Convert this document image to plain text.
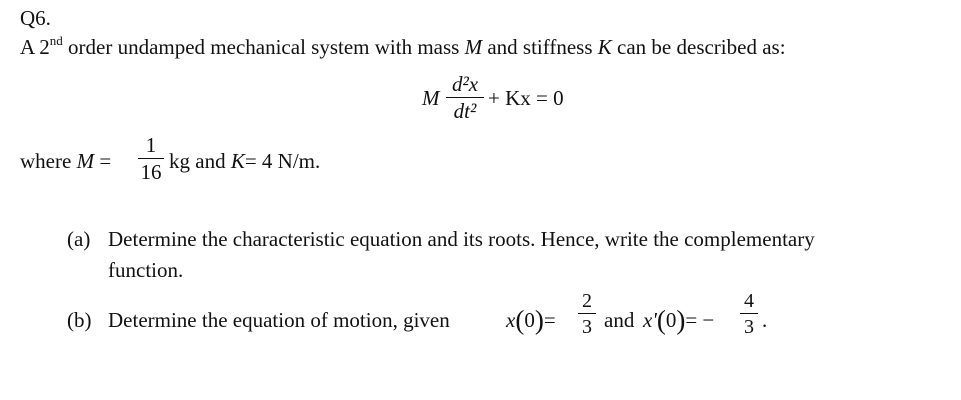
Q6.
A 2nd order undamped mechanical system with mass M and stiffness K can be described as:
M
d²x
dt²
+ Kx = 0
where M =
1
16 kg and K= 4 N/m.
(a) Determine the characteristic equation and its roots. Hence, write the complementary
function.
(b) Determine the equation of motion, given	x(0)=
2
3 and x'(0)= −
4
3 .
